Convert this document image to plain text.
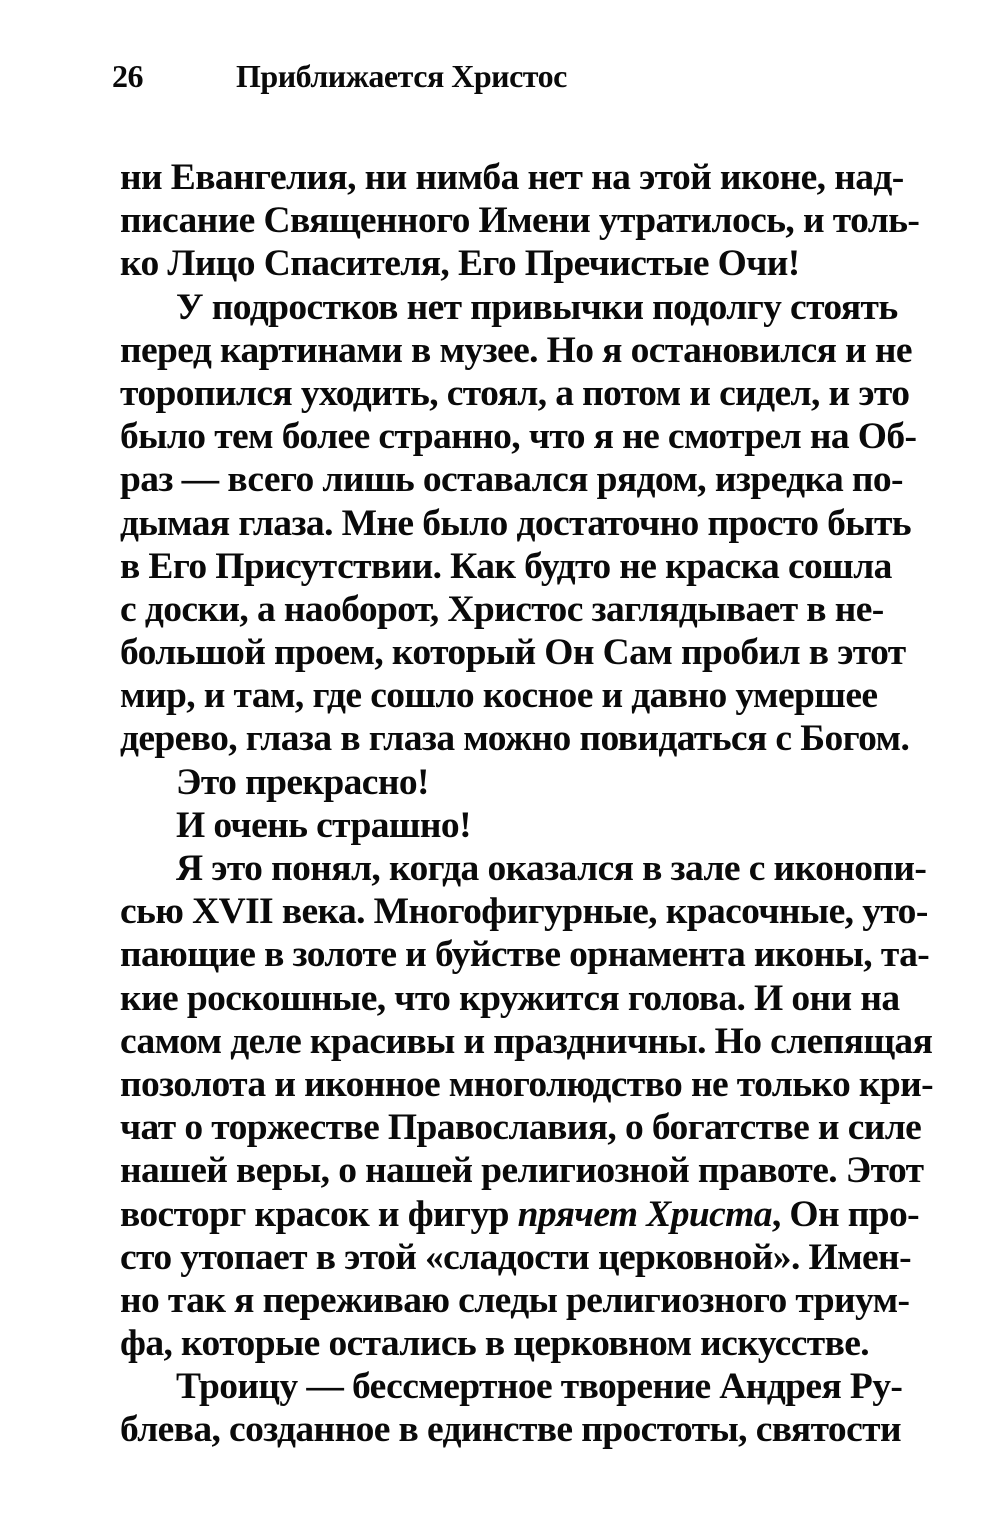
26	Приближается Христос
ни Евангелия, ни нимба нет на этой иконе, над-
писание Священного Имени утратилось, и толь-
ко Лицо Спасителя, Его Пречистые Очи!
У подростков нет привычки подолгу стоять
перед картинами в музее. Но я остановился и не
торопился уходить, стоял, а потом и сидел, и это
было тем более странно, что я не смотрел на Об-
раз — всего лишь оставался рядом, изредка по-
дымая глаза. Мне было достаточно просто быть
в Его Присутствии. Как будто не краска сошла
с доски, а наоборот, Христос заглядывает в не-
большой проем, который Он Сам пробил в этот
мир, и там, где сошло косное и давно умершее
дерево, глаза в глаза можно повидаться с Богом.
Это прекрасно!
И очень страшно!
Я это понял, когда оказался в зале с иконопи-
сью XVII века. Многофигурные, красочные, уто-
пающие в золоте и буйстве орнамента иконы, та-
кие роскошные, что кружится голова. И они на
самом деле красивы и праздничны. Но слепящая
позолота и иконное многолюдство не только кри-
чат о торжестве Православия, о богатстве и силе
нашей веры, о нашей религиозной правоте. Этот
восторг красок и фигур прячет Христа, Он про-
сто утопает в этой «сладости церковной». Имен-
но так я переживаю следы религиозного триум-
фа, которые остались в церковном искусстве.
Троицу — бессмертное творение Андрея Ру-
блева, созданное в единстве простоты, святости
